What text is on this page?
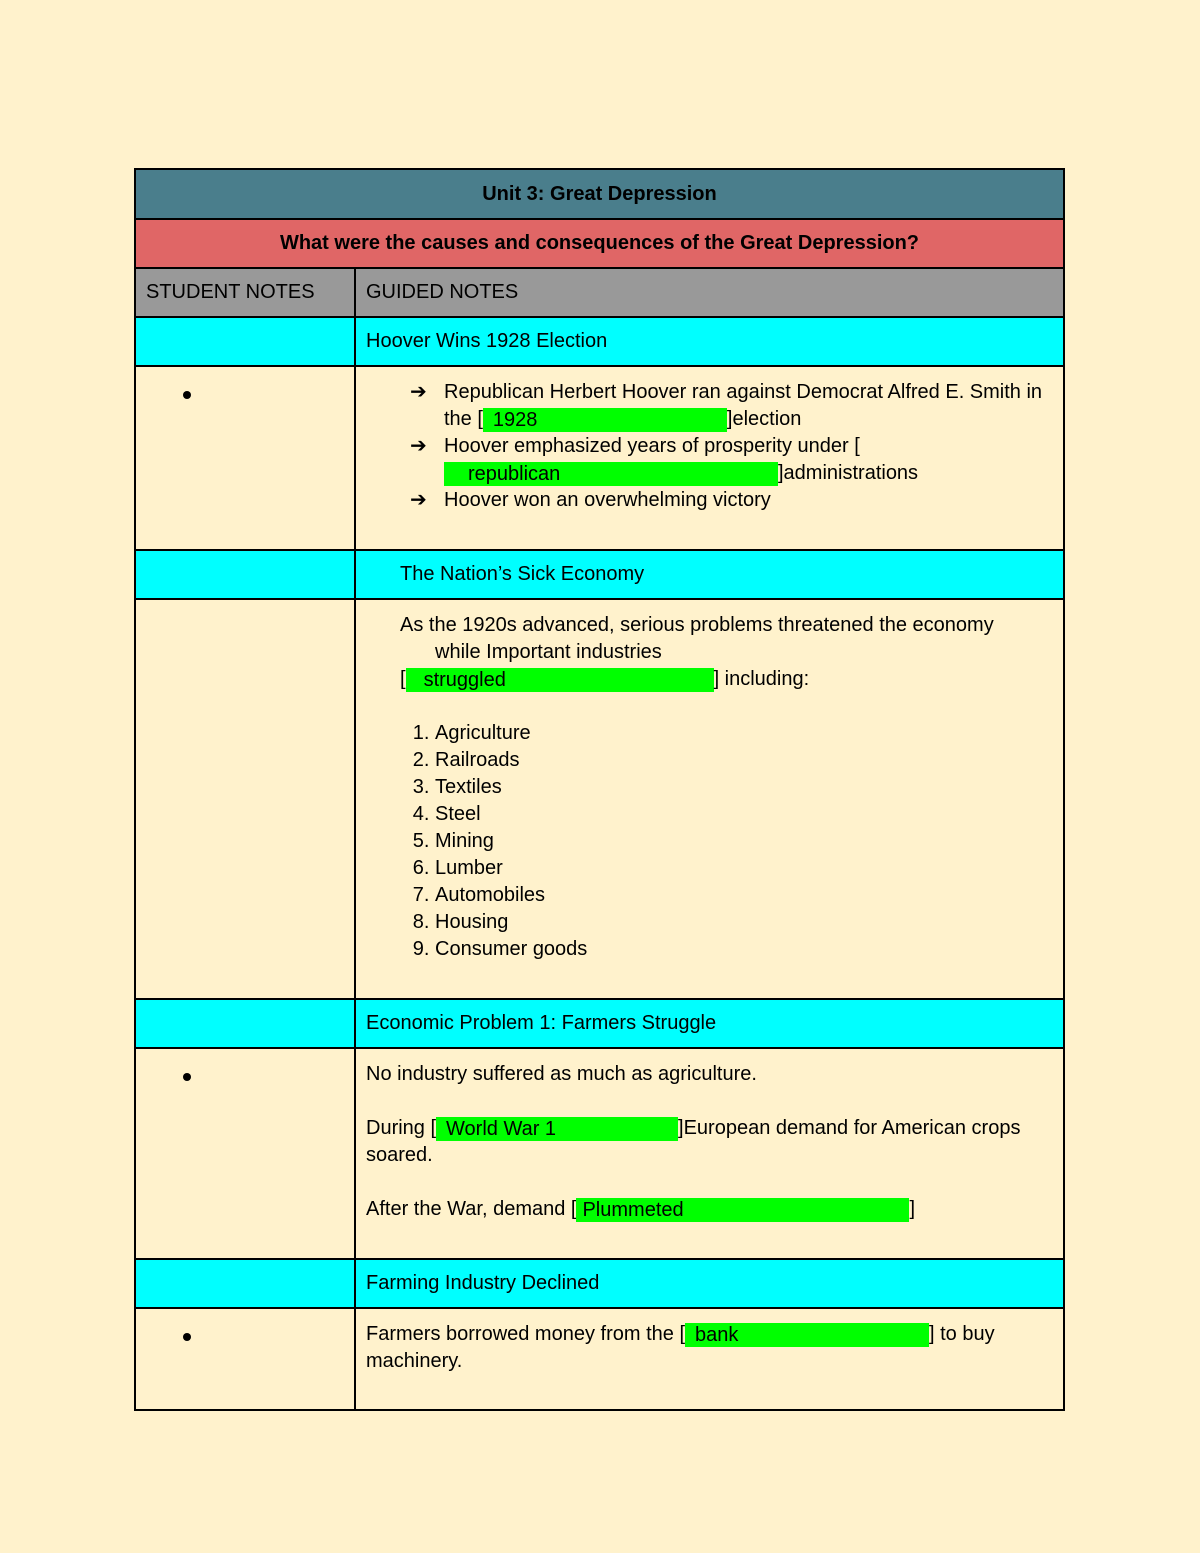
Unit 3: Great Depression
What were the causes and consequences of the Great Depression?
STUDENT NOTES	GUIDED NOTES
Hoover Wins 1928 Election
➔ Republican Herbert Hoover ran against Democrat Alfred E. Smith in the [ 1928	]election
➔ Hoover emphasized years of prosperity under [republican	]administrations
➔ Hoover won an overwhelming victory
The Nation’s Sick Economy

As the 1920s advanced, serious problems threatened the economy while Important industries

[ struggled	] including:

1. Agriculture
2. Railroads
3. Textiles
4. Steel
5. Mining
6. Lumber
7. Automobiles
8. Housing
9. Consumer goods
Economic Problem 1: Farmers Struggle

No industry suffered as much as agriculture.

During [ World War 1	]European demand for American crops soared.

After the War, demand [ Plummeted	]

Farming Industry Declined

Farmers borrowed money from the [ bank	] to buy machinery.
